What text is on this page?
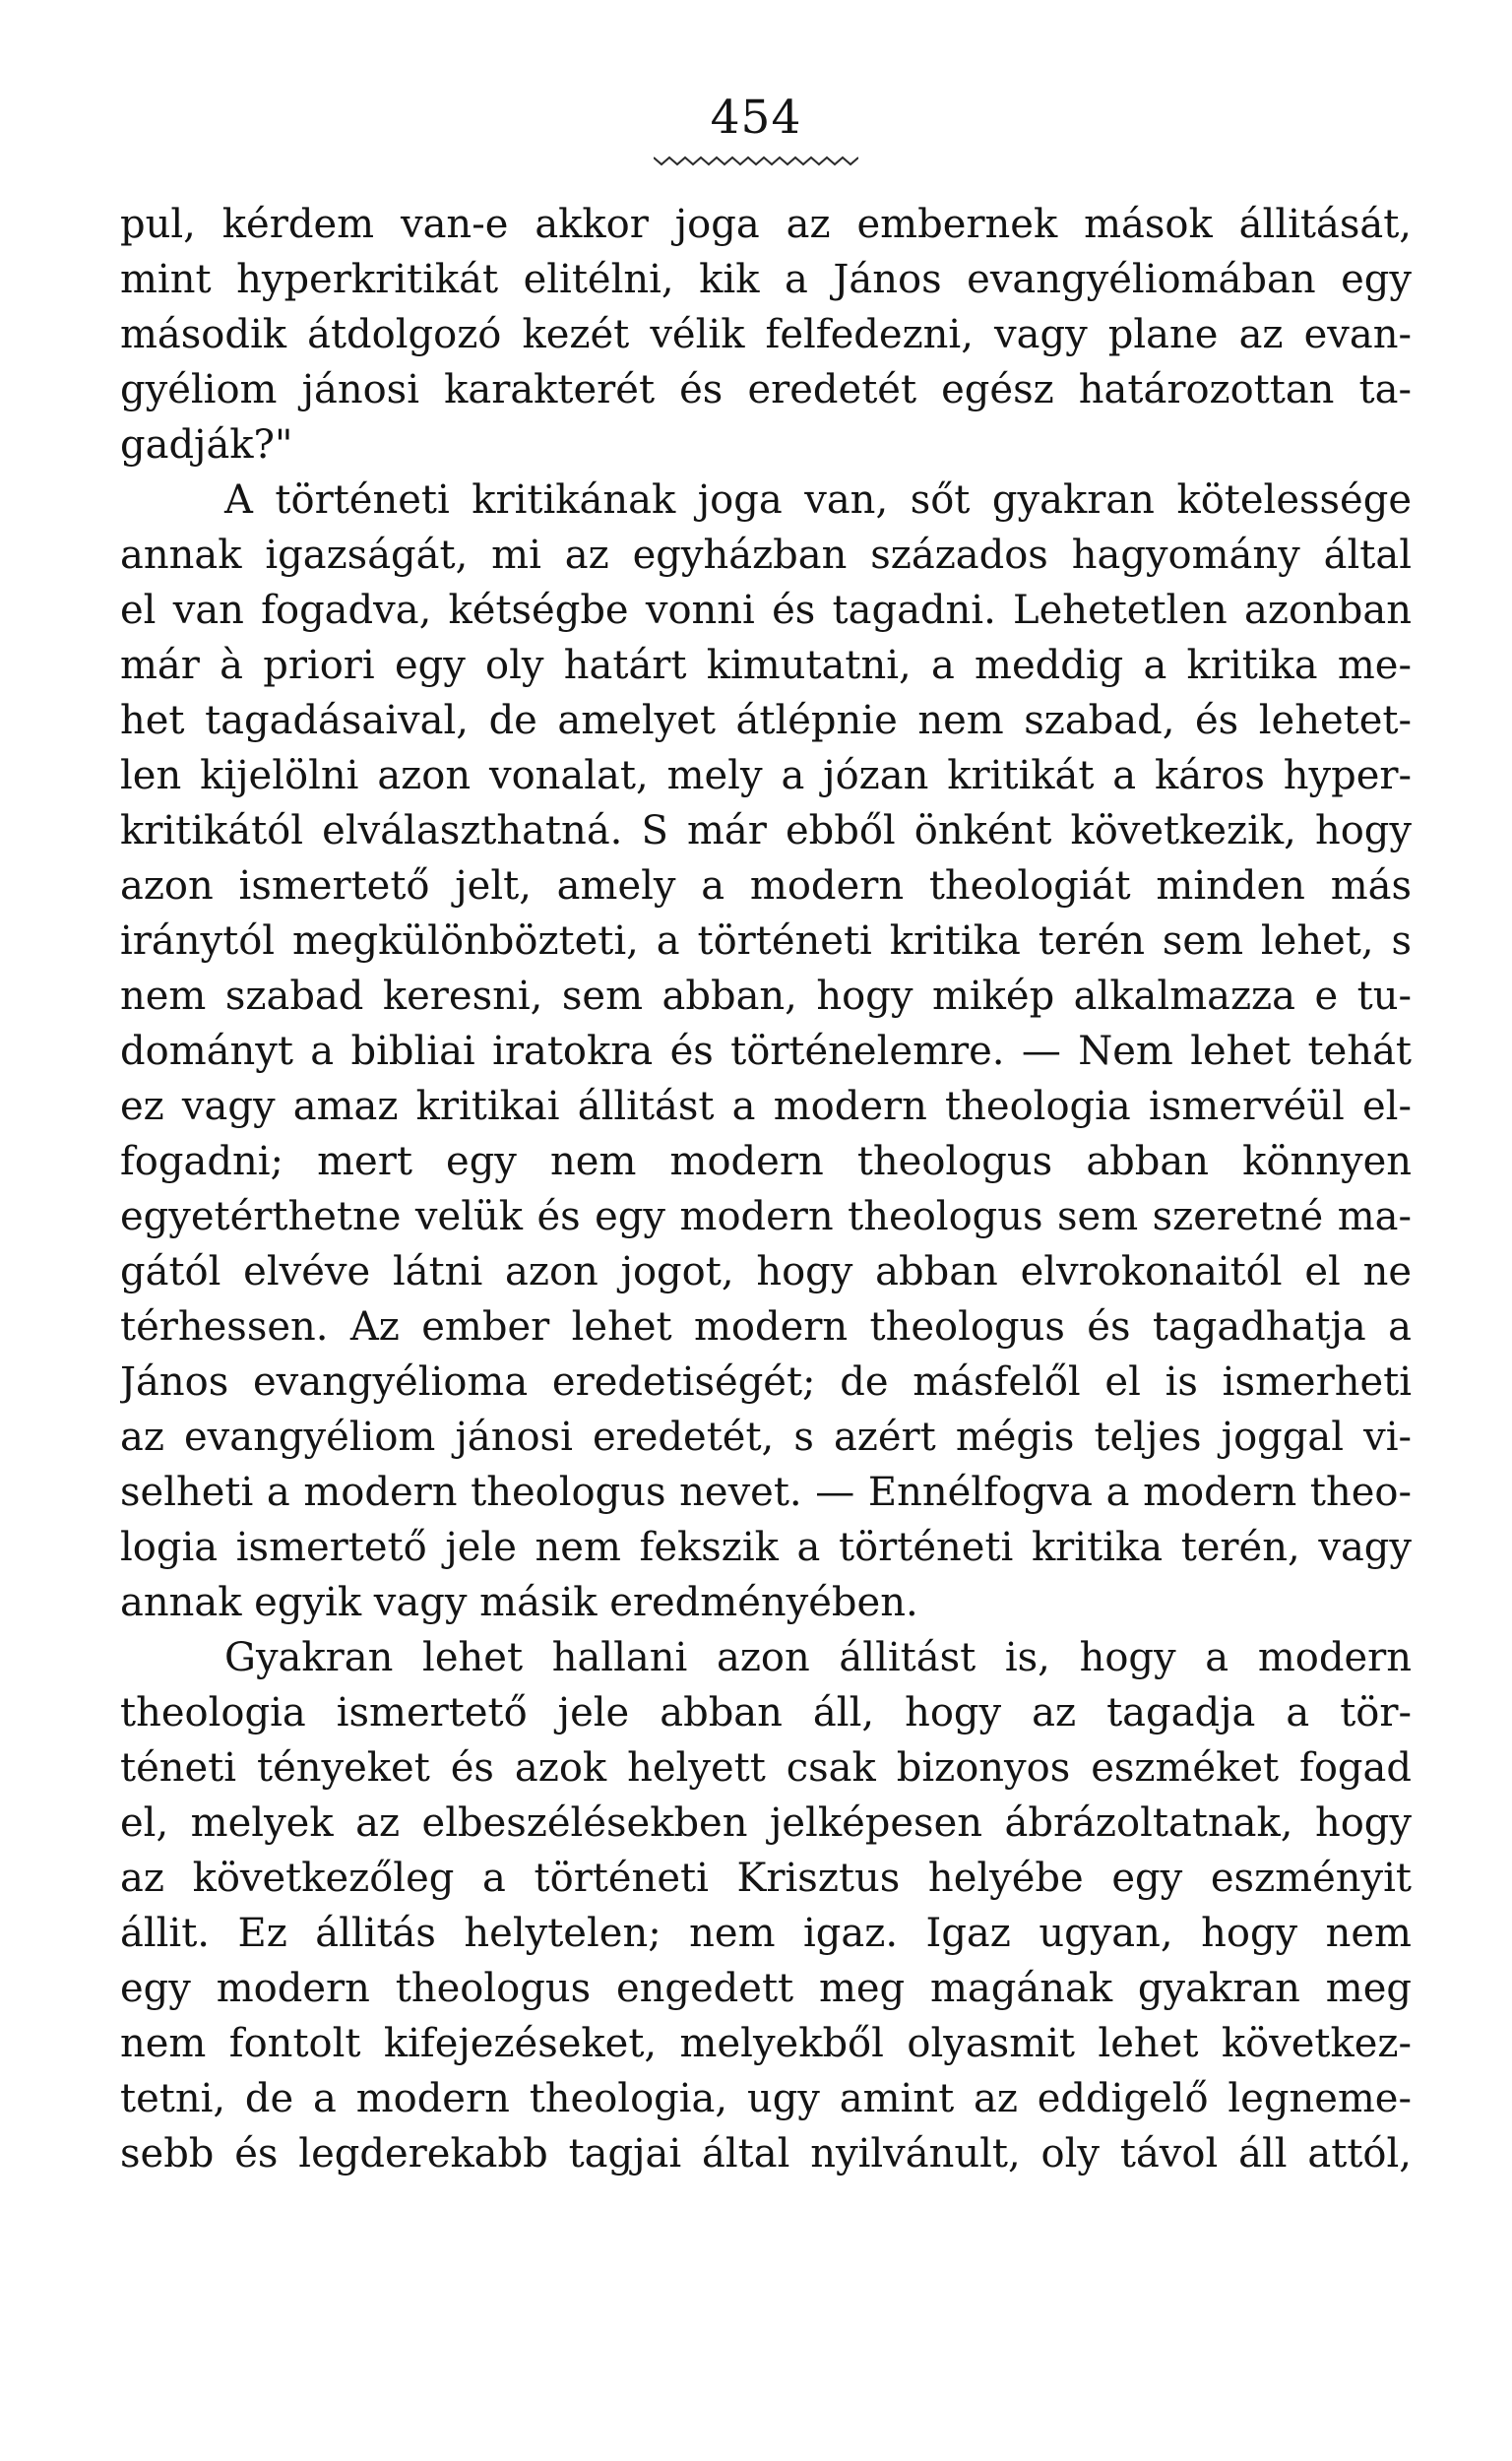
454
pul, kérdem van-e akkor joga az embernek mások állitását,
mint hyperkritikát elitélni, kik a János evangyéliomában egy
második átdolgozó kezét vélik felfedezni, vagy plane az evan-
gyéliom jánosi karakterét és eredetét egész határozottan ta-
gadják?"
A történeti kritikának joga van, sőt gyakran kötelessége
annak igazságát, mi az egyházban százados hagyomány által
el van fogadva, kétségbe vonni és tagadni. Lehetetlen azonban
már à priori egy oly határt kimutatni, a meddig a kritika me-
het tagadásaival, de amelyet átlépnie nem szabad, és lehetet-
len kijelölni azon vonalat, mely a józan kritikát a káros hyper-
kritikától elválaszthatná. S már ebből önként következik, hogy
azon ismertető jelt, amely a modern theologiát minden más
iránytól megkülönbözteti, a történeti kritika terén sem lehet, s
nem szabad keresni, sem abban, hogy mikép alkalmazza e tu-
dományt a bibliai iratokra és történelemre. — Nem lehet tehát
ez vagy amaz kritikai állitást a modern theologia ismervéül el-
fogadni; mert egy nem modern theologus abban könnyen
egyetérthetne velük és egy modern theologus sem szeretné ma-
gától elvéve látni azon jogot, hogy abban elvrokonaitól el ne
térhessen. Az ember lehet modern theologus és tagadhatja a
János evangyélioma eredetiségét; de másfelől el is ismerheti
az evangyéliom jánosi eredetét, s azért mégis teljes joggal vi-
selheti a modern theologus nevet. — Ennélfogva a modern theo-
logia ismertető jele nem fekszik a történeti kritika terén, vagy
annak egyik vagy másik eredményében.
Gyakran lehet hallani azon állitást is, hogy a modern
theologia ismertető jele abban áll, hogy az tagadja a tör-
téneti tényeket és azok helyett csak bizonyos eszméket fogad
el, melyek az elbeszélésekben jelképesen ábrázoltatnak, hogy
az következőleg a történeti Krisztus helyébe egy eszményit
állit. Ez állitás helytelen; nem igaz. Igaz ugyan, hogy nem
egy modern theologus engedett meg magának gyakran meg
nem fontolt kifejezéseket, melyekből olyasmit lehet következ-
tetni, de a modern theologia, ugy amint az eddigelő legneme-
sebb és legderekabb tagjai által nyilvánult, oly távol áll attól,
